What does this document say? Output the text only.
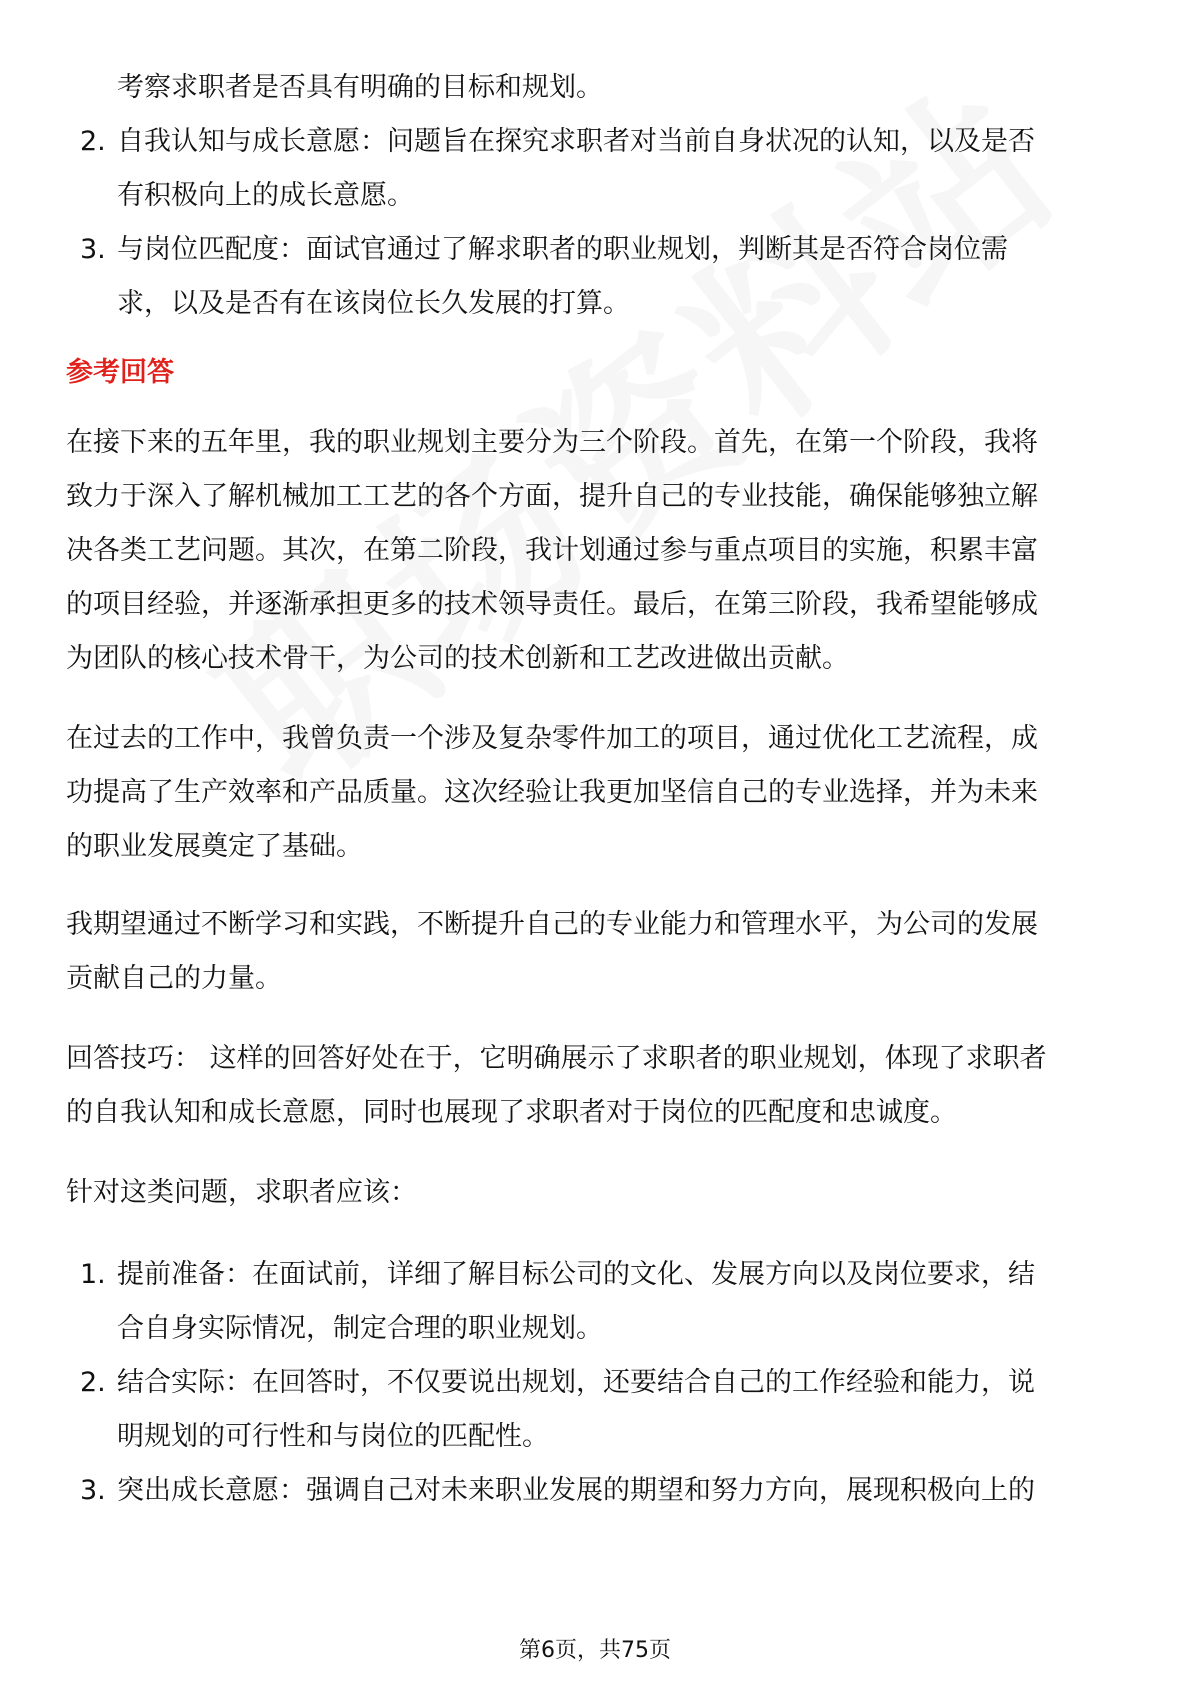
考察求职者是否具有明确的目标和规划。
2. 自我认知与成长意愿：问题旨在探究求职者对当前自身状况的认知，以及是否
有积极向上的成长意愿。
3. 与岗位匹配度：面试官通过了解求职者的职业规划，判断其是否符合岗位需
求，以及是否有在该岗位长久发展的打算。
参考回答
在接下来的五年里，我的职业规划主要分为三个阶段。首先，在第一个阶段，我将
致力于深入了解机械加工工艺的各个方面，提升自己的专业技能，确保能够独立解
决各类工艺问题。其次，在第二阶段，我计划通过参与重点项目的实施，积累丰富
的项目经验，并逐渐承担更多的技术领导责任。最后，在第三阶段，我希望能够成
为团队的核心技术骨干，为公司的技术创新和工艺改进做出贡献。
在过去的工作中，我曾负责一个涉及复杂零件加工的项目，通过优化工艺流程，成
功提高了生产效率和产品质量。这次经验让我更加坚信自己的专业选择，并为未来
的职业发展奠定了基础。
我期望通过不断学习和实践，不断提升自己的专业能力和管理水平，为公司的发展
贡献自己的力量。
回答技巧： 这样的回答好处在于，它明确展示了求职者的职业规划，体现了求职者
的自我认知和成长意愿，同时也展现了求职者对于岗位的匹配度和忠诚度。
针对这类问题，求职者应该：
1. 提前准备：在面试前，详细了解目标公司的文化、发展方向以及岗位要求，结
合自身实际情况，制定合理的职业规划。
2. 结合实际：在回答时，不仅要说出规划，还要结合自己的工作经验和能力，说
明规划的可行性和与岗位的匹配性。
3. 突出成长意愿：强调自己对未来职业发展的期望和努力方向，展现积极向上的
第6页，共75页
